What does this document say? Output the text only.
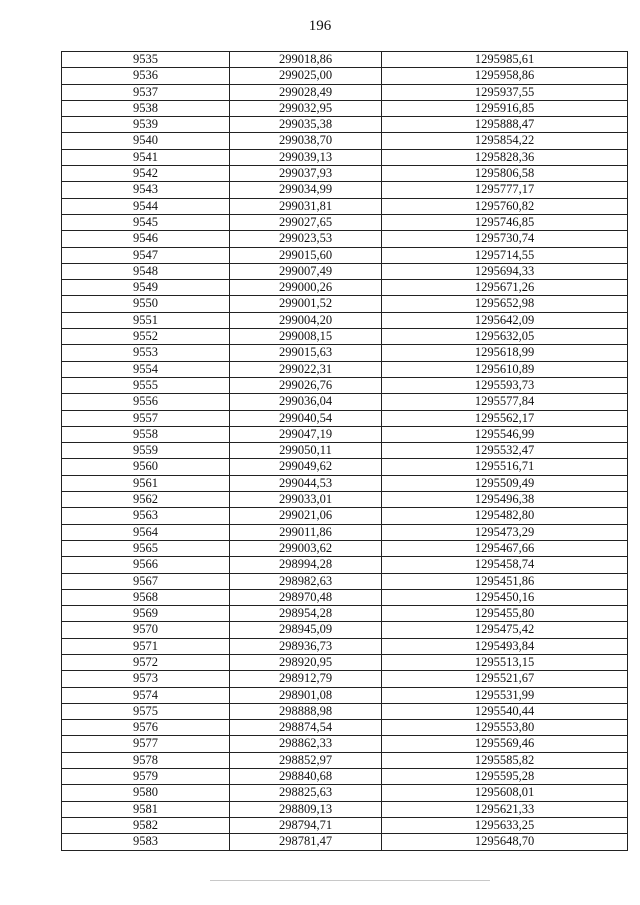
196
9535	299018,86	1295985,61
9536	299025,00	1295958,86
9537	299028,49	1295937,55
9538	299032,95	1295916,85
9539	299035,38	1295888,47
9540	299038,70	1295854,22
9541	299039,13	1295828,36
9542	299037,93	1295806,58
9543	299034,99	1295777,17
9544	299031,81	1295760,82
9545	299027,65	1295746,85
9546	299023,53	1295730,74
9547	299015,60	1295714,55
9548	299007,49	1295694,33
9549	299000,26	1295671,26
9550	299001,52	1295652,98
9551	299004,20	1295642,09
9552	299008,15	1295632,05
9553	299015,63	1295618,99
9554	299022,31	1295610,89
9555	299026,76	1295593,73
9556	299036,04	1295577,84
9557	299040,54	1295562,17
9558	299047,19	1295546,99
9559	299050,11	1295532,47
9560	299049,62	1295516,71
9561	299044,53	1295509,49
9562	299033,01	1295496,38
9563	299021,06	1295482,80
9564	299011,86	1295473,29
9565	299003,62	1295467,66
9566	298994,28	1295458,74
9567	298982,63	1295451,86
9568	298970,48	1295450,16
9569	298954,28	1295455,80
9570	298945,09	1295475,42
9571	298936,73	1295493,84
9572	298920,95	1295513,15
9573	298912,79	1295521,67
9574	298901,08	1295531,99
9575	298888,98	1295540,44
9576	298874,54	1295553,80
9577	298862,33	1295569,46
9578	298852,97	1295585,82
9579	298840,68	1295595,28
9580	298825,63	1295608,01
9581	298809,13	1295621,33
9582	298794,71	1295633,25
9583	298781,47	1295648,70
